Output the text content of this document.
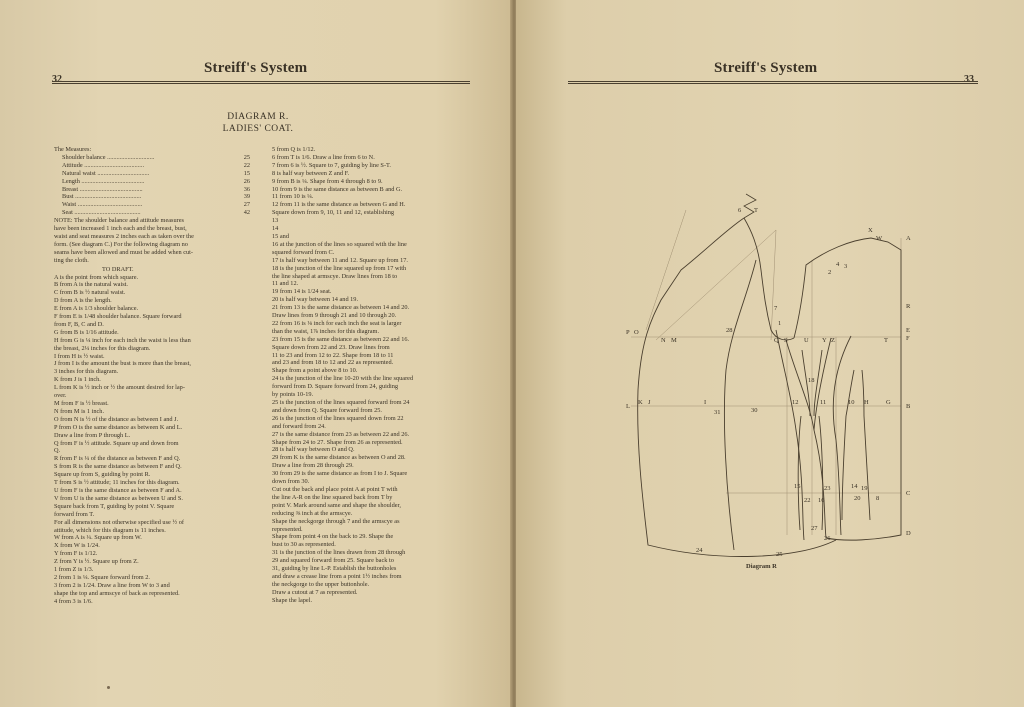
32
Streiff's System
DIAGRAM R.
LADIES' COAT.
The Measures:
Shoulder balance ..............................	25
Attitude ......................................	22
Natural waist .................................	15
Length ........................................	26
Breast ........................................	36
Bust ..........................................	39
Waist .........................................	27
Seat ..........................................	42
NOTE: The shoulder balance and attitude measures
have been increased 1 inch each and the breast, bust,
waist and seat measures 2 inches each as taken over the
form. (See diagram C.) For the following diagram no
seams have been allowed and must be added when cut-
ting the cloth.
TO DRAFT.
A is the point from which square.
B from A is the natural waist.
C from B is ½ natural waist.
D from A is the length.
E from A is 1/3 shoulder balance.
F from E is 1/48 shoulder balance. Square forward
from F, B, C and D.
G from B is 1/16 attitude.
H from G is ¼ inch for each inch the waist is less than
the breast, 2¼ inches for this diagram.
I from H is ½ waist.
J from I is the amount the bust is more than the breast,
3 inches for this diagram.
K from J is 1 inch.
L from K is ½ inch or ½ the amount desired for lap-
over.
M from F is ½ breast.
N from M is 1 inch.
O from N is ½ of the distance as between I and J.
P from O is the same distance as between K and L.
Draw a line from P through L.
Q from F is ½ attitude. Square up and down from
Q.
R from F is ¼ of the distance as between F and Q.
S from R is the same distance as between F and Q.
Square up from S, guiding by point R.
T from S is ½ attitude; 11 inches for this diagram.
U from F is the same distance as between F and A.
V from U is the same distance as between U and S.
Square back from T, guiding by point V. Square
forward from T.
For all dimensions not otherwise specified use ½ of
attitude, which for this diagram is 11 inches.
W from A is ¼. Square up from W.
X from W is 1/24.
Y from F is 1/12.
Z from Y is ½. Square up from Z.
1 from Z is 1/3.
2 from 1 is ¼. Square forward from 2.
3 from 2 is 1/24. Draw a line from W to 3 and
shape the top and armscye of back as represented.
4 from 3 is 1/6.
5 from Q is 1/12.
6 from T is 1/6. Draw a line from 6 to N.
7 from 6 is ½. Square to 7, guiding by line S-T.
8 is half way between Z and F.
9 from B is ¼. Shape from 4 through 8 to 9.
10 from 9 is the same distance as between B and G.
11 from 10 is ¼.
12 from 11 is the same distance as between G and H.
Square down from 9, 10, 11 and 12, establishing
13
14
15 and
16 at the junction of the lines so squared with the line
squared forward from C.
17 is half way between 11 and 12. Square up from 17.
18 is the junction of the line squared up from 17 with
the line shaped at armscye. Draw lines from 18 to
11 and 12.
19 from 14 is 1/24 seat.
20 is half way between 14 and 19.
21 from 13 is the same distance as between 14 and 20.
Draw lines from 9 through 21 and 10 through 20.
22 from 16 is ⅛ inch for each inch the seat is larger
than the waist, 1⅞ inches for this diagram.
23 from 15 is the same distance as between 22 and 16.
Square down from 22 and 23. Draw lines from
11 to 23 and from 12 to 22. Shape from 18 to 11
and 23 and from 18 to 12 and 22 as represented.
Shape from a point above 8 to 10.
24 is the junction of the line 10-20 with the line squared
forward from D. Square forward from 24, guiding
by points 10-19.
25 is the junction of the lines squared forward from 24
and down from Q. Square forward from 25.
26 is the junction of the lines squared down from 22
and forward from 24.
27 is the same distance from 23 as between 22 and 26.
Shape from 24 to 27. Shape from 26 as represented.
28 is half way between O and Q.
29 from K is the same distance as between O and 28.
Draw a line from 28 through 29.
30 from 29 is the same distance as from I to J. Square
down from 30.
Cut out the back and place point A at point T with
the line A-R on the line squared back from T by
point V. Mark around same and shape the shoulder,
reducing ⅜ inch at the armscye.
Shape the neckgorge through 7 and the armscye as
represented.
Shape from point 4 on the back to 29. Shape the
bust to 30 as represented.
31 is the junction of the lines drawn from 28 through
29 and squared forward from 25. Square back to
31, guiding by line L-P. Establish the buttonholes
and draw a crease line from a point 1½ inches from
the neckgorge to the upper buttonhole.
Draw a cutout at 7 as represented.
Shape the lapel.
Streiff's System
33
6 T
X
W	A
R
E
F
B
C
D
P O
N M
28
Q S	U Y Z	T
1
3
4
2
7
L
K J	I
31	30
12	11	10 H	G
18
15	23	14 19
20
22 16
27
26
25
24
8
Diagram R
